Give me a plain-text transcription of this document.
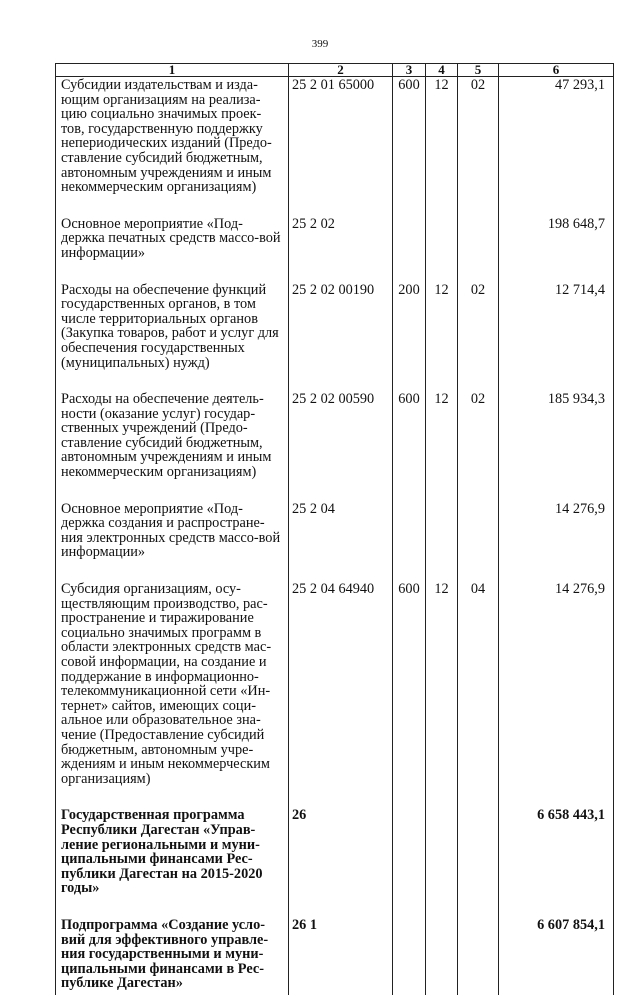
399
1	2	3	4	5	6
Субсидии издательствам и изда-ющим организациям на реализа-цию социально значимых проек-тов, государственную поддержку непериодических изданий (Предо-ставление субсидий бюджетным, автономным учреждениям и иным некоммерческим организациям)	25 2 01 65000	600	12	02	47 293,1
Основное мероприятие «Под-держка печатных средств массо-вой информации»	25 2 02				198 648,7
Расходы на обеспечение функций государственных органов, в том числе территориальных органов (Закупка товаров, работ и услуг для обеспечения государственных (муниципальных) нужд)	25 2 02 00190	200	12	02	12 714,4
Расходы на обеспечение деятель-ности (оказание услуг) государ-ственных учреждений (Предо-ставление субсидий бюджетным, автономным учреждениям и иным некоммерческим организациям)	25 2 02 00590	600	12	02	185 934,3
Основное мероприятие «Под-держка создания и распростране-ния электронных средств массо-вой информации»	25 2 04				14 276,9
Субсидия организациям, осу-ществляющим производство, рас-пространение и тиражирование социально значимых программ в области электронных средств мас-совой информации, на создание и поддержание в информационно-телекоммуникационной сети «Ин-тернет» сайтов, имеющих соци-альное или образовательное зна-чение (Предоставление субсидий бюджетным, автономным учре-ждениям и иным некоммерческим организациям)	25 2 04 64940	600	12	04	14 276,9
Государственная программа Республики Дагестан «Управ-ление региональными и муни-ципальными финансами Рес-публики Дагестан на 2015-2020 годы»	26				6 658 443,1
Подпрограмма «Создание усло-вий для эффективного управле-ния государственными и муни-ципальными финансами в Рес-публике Дагестан»	26 1				6 607 854,1
